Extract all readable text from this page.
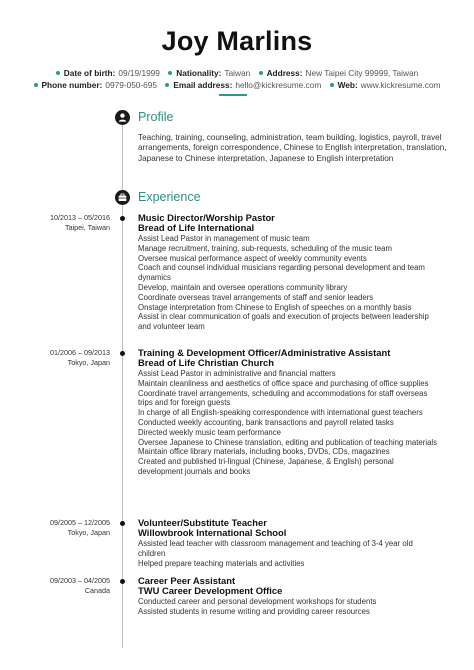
Joy Marlins
Date of birth: 09/19/1999 Nationality: Taiwan Address: New Taipei City 99999, Taiwan
Phone number: 0979-050-695 Email address: hello@kickresume.com Web: www.kickresume.com
Profile
Teaching, training, counseling, administration, team building, logistics, payroll, travel arrangements, foreign correspondence, Chinese to English interpretation, translation, Japanese to Chinese interpretation, Japanese to English interpretation
Experience
10/2013 – 05/2016
Taipei, Taiwan
Music Director/Worship Pastor
Bread of Life International
Assist Lead Pastor in management of music team
Manage recruitment, training, sub-requests, scheduling of the music team
Oversee musical performance aspect of weekly community events
Coach and counsel individual musicians regarding personal development and team dynamics
Develop, maintain and oversee operations community library
Coordinate overseas travel arrangements of staff and senior leaders
Onstage interpretation from Chinese to English of speeches on a monthly basis
Assist in clear communication of goals and execution of projects between leadership and volunteer team
01/2006 – 09/2013
Tokyo, Japan
Training & Development Officer/Administrative Assistant
Bread of Life Christian Church
Assist Lead Pastor in administrative and financial matters
Maintain cleanliness and aesthetics of office space and purchasing of office supplies
Coordinate travel arrangements, scheduling and accommodations for staff overseas trips and for foreign guests
In charge of all English-speaking correspondence with international guest teachers
Conducted weekly accounting, bank transactions and payroll related tasks
Directed weekly music team performance
Oversee Japanese to Chinese translation, editing and publication of teaching materials
Maintain office library materials, including books, DVDs, CDs, magazines
Created and published tri-lingual (Chinese, Japanese, & English) personal development journals and books
09/2005 – 12/2005
Tokyo, Japan
Volunteer/Substitute Teacher
Willowbrook International School
Assisted lead teacher with classroom management and teaching of 3-4 year old children
Helped prepare teaching materials and activities
09/2003 – 04/2005
Canada
Career Peer Assistant
TWU Career Development Office
Conducted career and personal development workshops for students
Assisted students in resume writing and providing career resources
